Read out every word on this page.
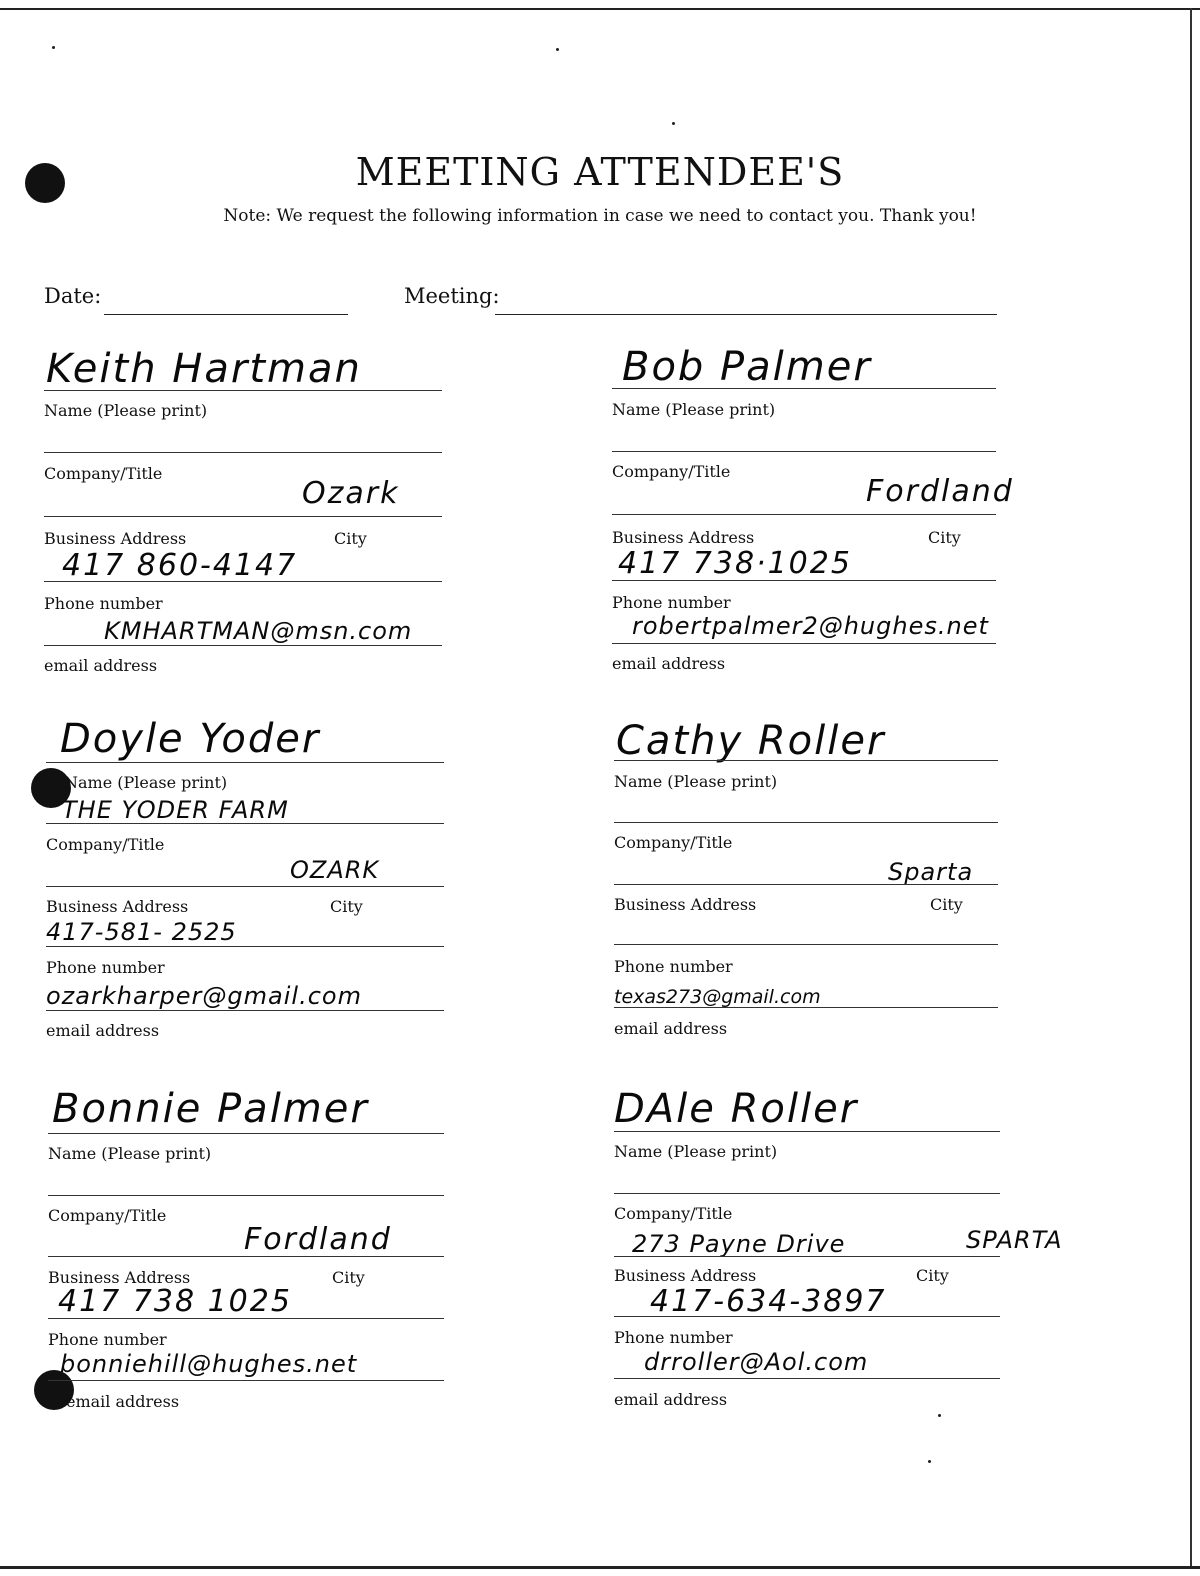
MEETING ATTENDEE'S
Note: We request the following information in case we need to contact you. Thank you!
Date:	Meeting:
Keith Hartman
Name (Please print)
Company/Title
Ozark
Business Address	City
417 860-4147
Phone number
KMHARTMAN@msn.com
email address
Bob Palmer
Name (Please print)
Company/Title
Fordland
Business Address	City
417 738·1025
Phone number
robertpalmer2@hughes.net
email address
Doyle Yoder
Name (Please print)
THE YODER FARM
Company/Title
OZARK
Business Address	City
417-581- 2525
Phone number
ozarkharper@gmail.com
email address
Cathy Roller
Name (Please print)
Company/Title
Sparta
Business Address	City
Phone number
texas273@gmail.com
email address
Bonnie Palmer
Name (Please print)
Company/Title
Fordland
Business Address	City
417 738 1025
Phone number
bonniehill@hughes.net
email address
DAle Roller
Name (Please print)
Company/Title
273 Payne Drive	SPARTA
Business Address	City
417-634-3897
Phone number
drroller@Aol.com
email address
